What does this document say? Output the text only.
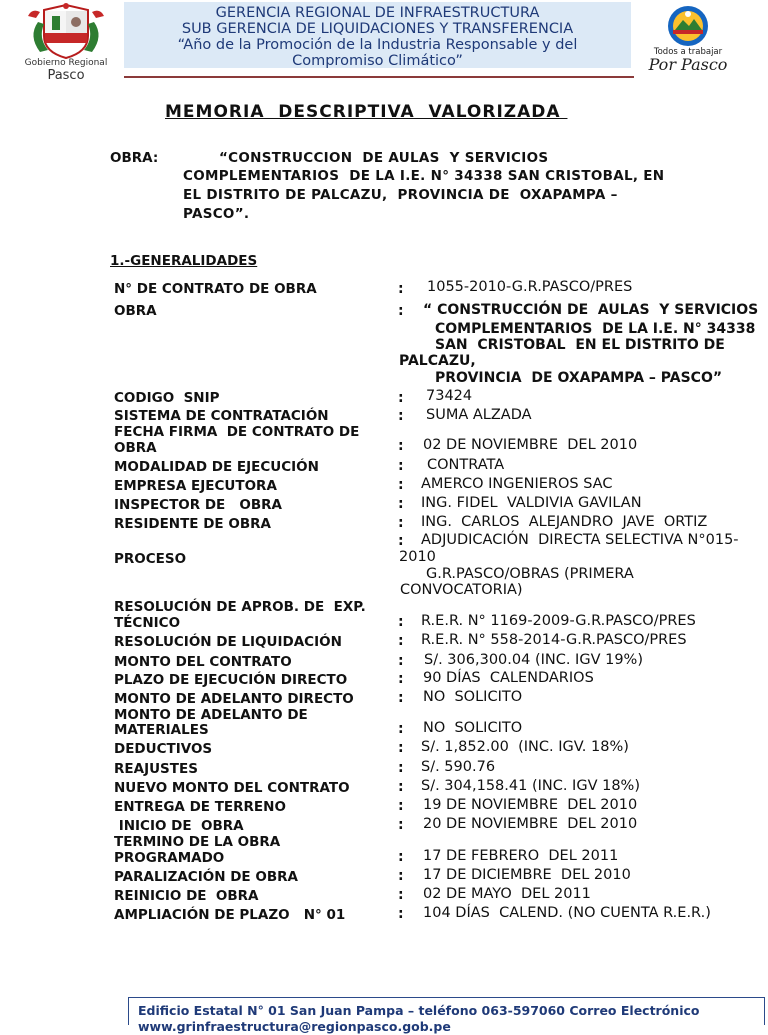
Gobierno Regional
Pasco
GERENCIA REGIONAL DE INFRAESTRUCTURA
SUB GERENCIA DE LIQUIDACIONES Y TRANSFERENCIA
“Año de la Promoción de la Industria Responsable y del
Compromiso Climático”
Todos a trabajar
Por Pasco
MEMORIA  DESCRIPTIVA  VALORIZADA
OBRA:	“CONSTRUCCION  DE AULAS  Y SERVICIOS
COMPLEMENTARIOS  DE LA I.E. N° 34338 SAN CRISTOBAL, EN
EL DISTRITO DE PALCAZU,  PROVINCIA DE  OXAPAMPA –
PASCO”.
1.-GENERALIDADES
N° DE CONTRATO DE OBRA	: 1055-2010-G.R.PASCO/PRES
OBRA	: “ CONSTRUCCIÓN DE  AULAS  Y SERVICIOS
COMPLEMENTARIOS  DE LA I.E. N° 34338
SAN  CRISTOBAL  EN EL DISTRITO DE
PALCAZU,
PROVINCIA  DE OXAPAMPA – PASCO”
CODIGO  SNIP	: 73424
SISTEMA DE CONTRATACIÓN	: SUMA ALZADA
FECHA FIRMA  DE CONTRATO DE
OBRA	: 02 DE NOVIEMBRE  DEL 2010
MODALIDAD DE EJECUCIÓN	: CONTRATA
EMPRESA EJECUTORA	: AMERCO INGENIEROS SAC
INSPECTOR DE   OBRA	: ING. FIDEL  VALDIVIA GAVILAN
RESIDENTE DE OBRA	: ING.  CARLOS  ALEJANDRO  JAVE  ORTIZ
PROCESO
: ADJUDICACIÓN  DIRECTA SELECTIVA N°015-
2010
G.R.PASCO/OBRAS (PRIMERA
CONVOCATORIA)
RESOLUCIÓN DE APROB. DE  EXP.
TÉCNICO	: R.E.R. N° 1169-2009-G.R.PASCO/PRES
RESOLUCIÓN DE LIQUIDACIÓN	: R.E.R. N° 558-2014-G.R.PASCO/PRES
MONTO DEL CONTRATO	: S/. 306,300.04 (INC. IGV 19%)
PLAZO DE EJECUCIÓN DIRECTO	: 90 DÍAS  CALENDARIOS
MONTO DE ADELANTO DIRECTO	: NO  SOLICITO
MONTO DE ADELANTO DE
MATERIALES	: NO  SOLICITO
DEDUCTIVOS	: S/. 1,852.00  (INC. IGV. 18%)
REAJUSTES	: S/. 590.76
NUEVO MONTO DEL CONTRATO	: S/. 304,158.41 (INC. IGV 18%)
ENTREGA DE TERRENO	: 19 DE NOVIEMBRE  DEL 2010
INICIO DE  OBRA	: 20 DE NOVIEMBRE  DEL 2010
TERMINO DE LA OBRA
PROGRAMADO	: 17 DE FEBRERO  DEL 2011
PARALIZACIÓN DE OBRA	: 17 DE DICIEMBRE  DEL 2010
REINICIO DE  OBRA	: 02 DE MAYO  DEL 2011
AMPLIACIÓN DE PLAZO   N° 01	: 104 DÍAS  CALEND. (NO CUENTA R.E.R.)
Edificio Estatal N° 01 San Juan Pampa – teléfono 063-597060 Correo Electrónico
www.grinfraestructura@regionpasco.gob.pe
